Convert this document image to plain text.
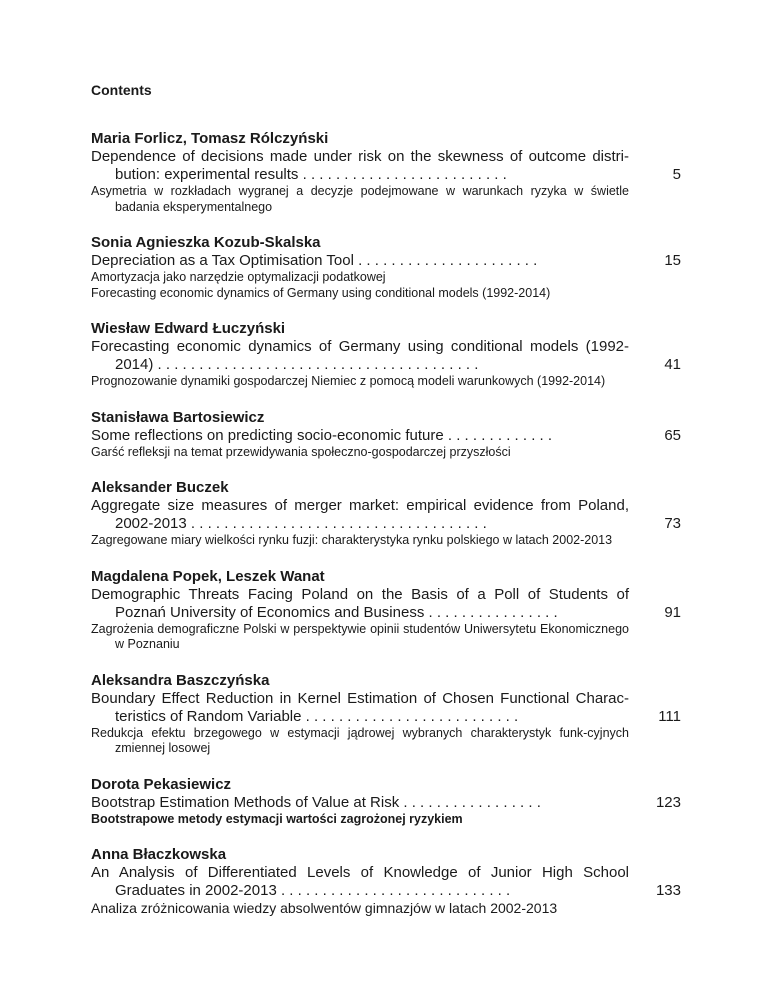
Contents

Maria Forlicz, Tomasz Rólczyński

Dependence of decisions made under risk on the skewness of outcome distri-
bution: experimental results . . . . . . . . . . . . . . . . . . . . . . . . .	5

Asymetria w rozkładach wygranej a decyzje podejmowane w warunkach ryzyka w świetle badania eksperymentalnego

Sonia Agnieszka Kozub-Skalska

Depreciation as a Tax Optimisation Tool . . . . . . . . . . . . . . . . . . . . . .	15

Amortyzacja jako narzędzie optymalizacji podatkowej

Forecasting economic dynamics of Germany using conditional models (1992-2014)

Wiesław Edward Łuczyński

Forecasting economic dynamics of Germany using conditional models (1992-
2014) . . . . . . . . . . . . . . . . . . . . . . . . . . . . . . . . . . . . . . .	41

Prognozowanie dynamiki gospodarczej Niemiec z pomocą modeli warunkowych (1992-2014)

Stanisława Bartosiewicz

Some reflections on predicting socio-economic future . . . . . . . . . . . . .	65

Garść refleksji na temat przewidywania społeczno-gospodarczej przyszłości

Aleksander Buczek

Aggregate size measures of merger market: empirical evidence from Poland,
2002-2013 . . . . . . . . . . . . . . . . . . . . . . . . . . . . . . . . . . . .	73

Zagregowane miary wielkości rynku fuzji: charakterystyka rynku polskiego w latach 2002-2013

Magdalena Popek, Leszek Wanat

Demographic Threats Facing Poland on the Basis of a Poll of Students of
Poznań University of Economics and Business . . . . . . . . . . . . . . . .	91

Zagrożenia demograficzne Polski w perspektywie opinii studentów Uniwersytetu Ekonomicznego w Poznaniu

Aleksandra Baszczyńska

Boundary Effect Reduction in Kernel Estimation of Chosen Functional Charac-
teristics of Random Variable . . . . . . . . . . . . . . . . . . . . . . . . . .	111

Redukcja efektu brzegowego w estymacji jądrowej wybranych charakterystyk funk-cyjnych zmiennej losowej

Dorota Pekasiewicz

Bootstrap Estimation Methods of Value at Risk . . . . . . . . . . . . . . . . .	123

Bootstrapowe metody estymacji wartości zagrożonej ryzykiem

Anna Błaczkowska

An Analysis of Differentiated Levels of Knowledge of Junior High School
Graduates in 2002-2013 . . . . . . . . . . . . . . . . . . . . . . . . . . . .	133

Analiza zróżnicowania wiedzy absolwentów gimnazjów w latach 2002-2013
